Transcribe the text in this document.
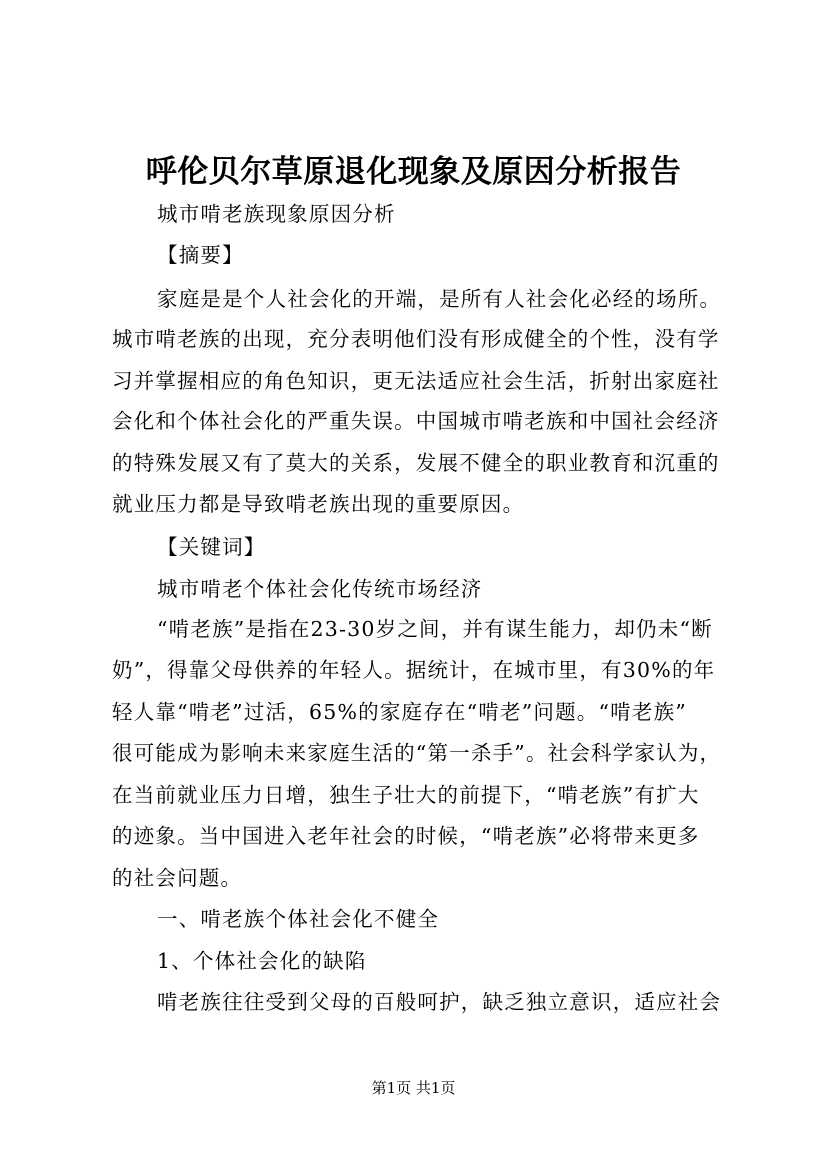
呼伦贝尔草原退化现象及原因分析报告
城市啃老族现象原因分析
【摘要】
家庭是是个人社会化的开端，是所有人社会化必经的场所。
城市啃老族的出现，充分表明他们没有形成健全的个性，没有学
习并掌握相应的角色知识，更无法适应社会生活，折射出家庭社
会化和个体社会化的严重失误。中国城市啃老族和中国社会经济
的特殊发展又有了莫大的关系，发展不健全的职业教育和沉重的
就业压力都是导致啃老族出现的重要原因。
【关键词】
城市啃老个体社会化传统市场经济
“啃老族”是指在23-30岁之间，并有谋生能力，却仍未“断
奶”，得靠父母供养的年轻人。据统计，在城市里，有30%的年
轻人靠“啃老”过活，65%的家庭存在“啃老”问题。“啃老族”
很可能成为影响未来家庭生活的“第一杀手”。社会科学家认为，
在当前就业压力日增，独生子壮大的前提下，“啃老族”有扩大
的迹象。当中国进入老年社会的时候，“啃老族”必将带来更多
的社会问题。
一、啃老族个体社会化不健全
1、个体社会化的缺陷
啃老族往往受到父母的百般呵护，缺乏独立意识，适应社会
第1页 共1页
